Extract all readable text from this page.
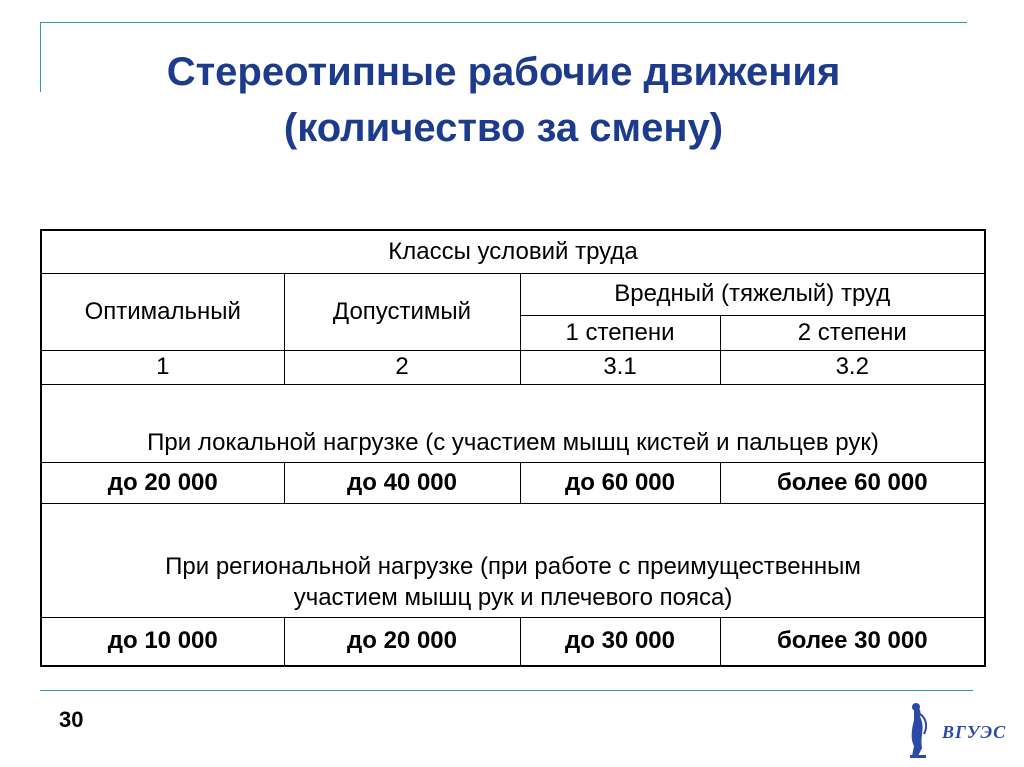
Стереотипные рабочие движения
(количество за смену)
Классы условий труда			
Оптимальный	Допустимый	Вредный (тяжелый) труд	
		1 степени	2 степени
1	2	3.1	3.2
При локальной нагрузке (с участием мышц кистей и пальцев рук)			
до 20 000	до 40 000	до 60 000	более 60 000

При региональной нагрузке (при работе с преимущественным
участием мышц рук и плечевого пояса)			

до 10 000	до 20 000	до 30 000	более 30 000
30	ВГУЭС
